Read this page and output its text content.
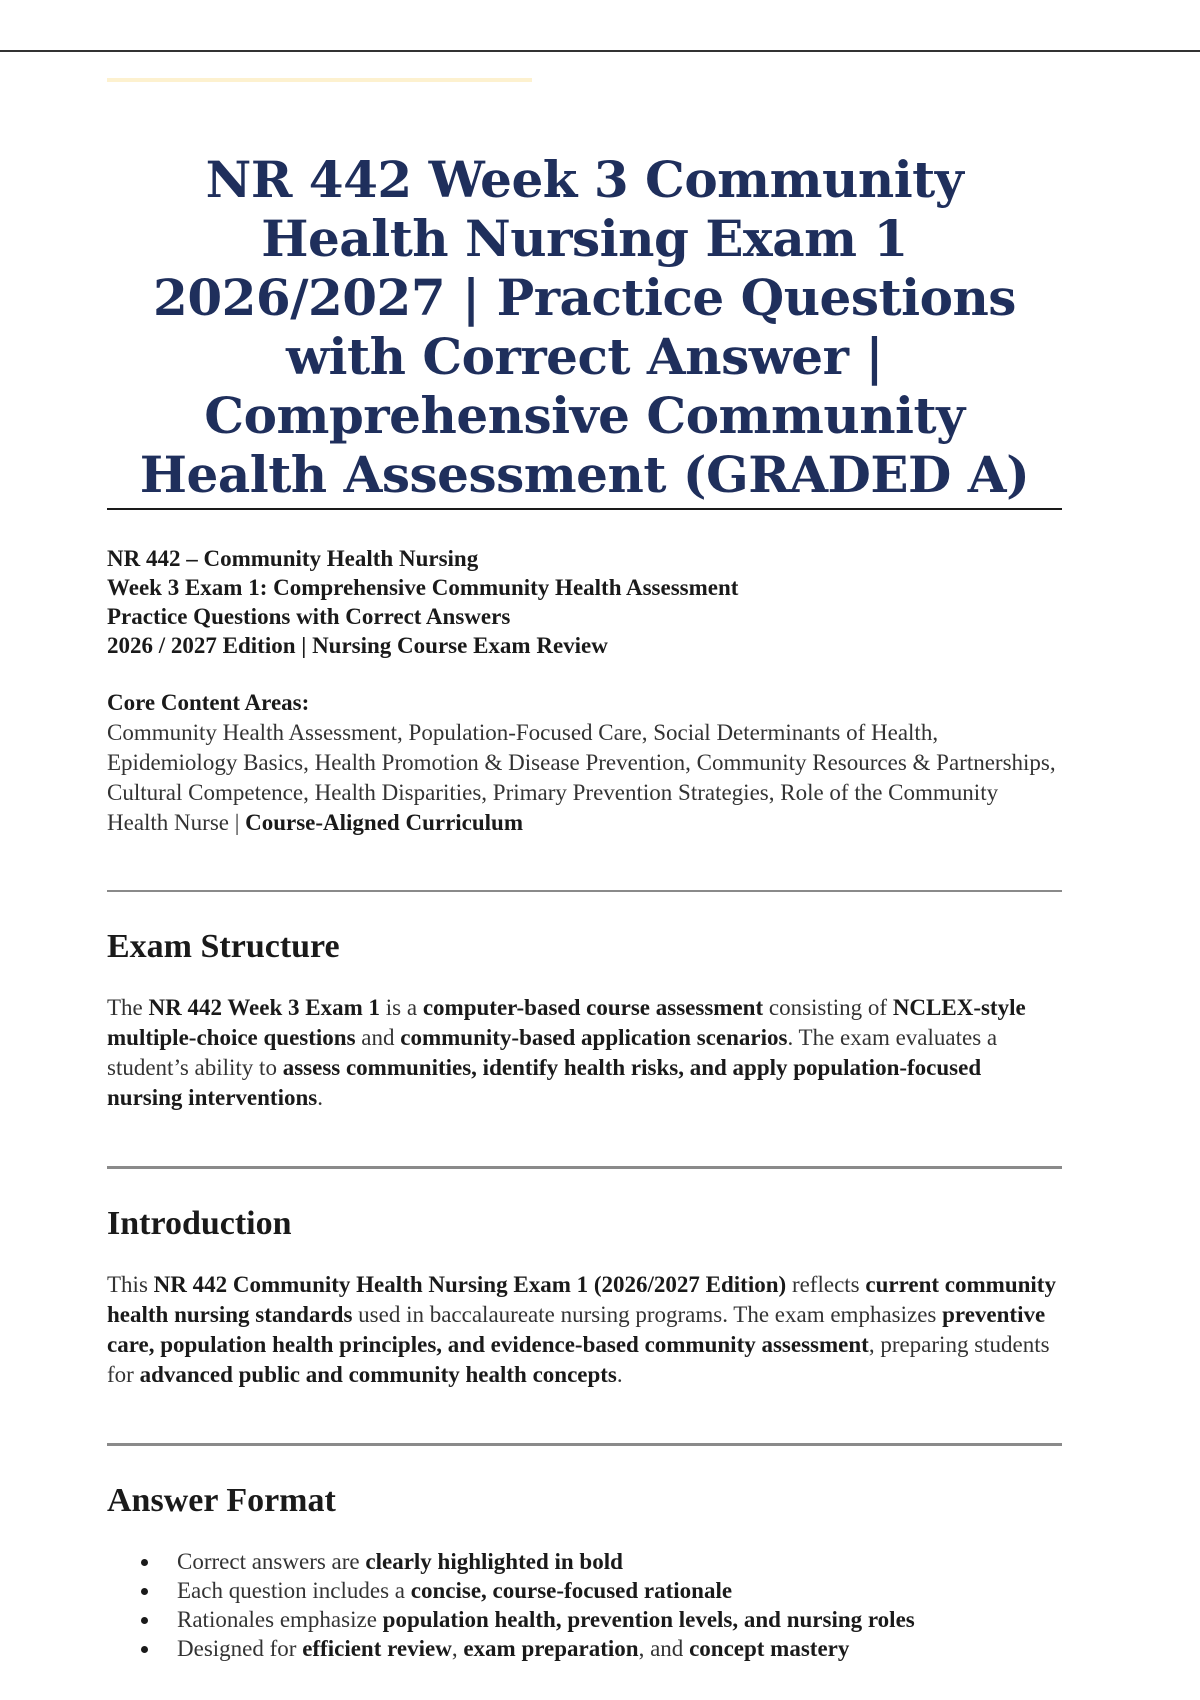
NR 442 Week 3 Community Health Nursing Exam 1 2026/2027 | Practice Questions with Correct Answer | Comprehensive Community Health Assessment (GRADED A)
NR 442 – Community Health Nursing
Week 3 Exam 1: Comprehensive Community Health Assessment
Practice Questions with Correct Answers
2026 / 2027 Edition | Nursing Course Exam Review
Core Content Areas:
Community Health Assessment, Population-Focused Care, Social Determinants of Health, Epidemiology Basics, Health Promotion & Disease Prevention, Community Resources & Partnerships, Cultural Competence, Health Disparities, Primary Prevention Strategies, Role of the Community Health Nurse | Course-Aligned Curriculum
Exam Structure

The NR 442 Week 3 Exam 1 is a computer-based course assessment consisting of NCLEX-style multiple-choice questions and community-based application scenarios. The exam evaluates a student’s ability to assess communities, identify health risks, and apply population-focused nursing interventions.

Introduction

This NR 442 Community Health Nursing Exam 1 (2026/2027 Edition) reflects current community health nursing standards used in baccalaureate nursing programs. The exam emphasizes preventive care, population health principles, and evidence-based community assessment, preparing students for advanced public and community health concepts.

Answer Format
Correct answers are clearly highlighted in bold
Each question includes a concise, course-focused rationale
Rationales emphasize population health, prevention levels, and nursing roles
Designed for efficient review, exam preparation, and concept mastery
